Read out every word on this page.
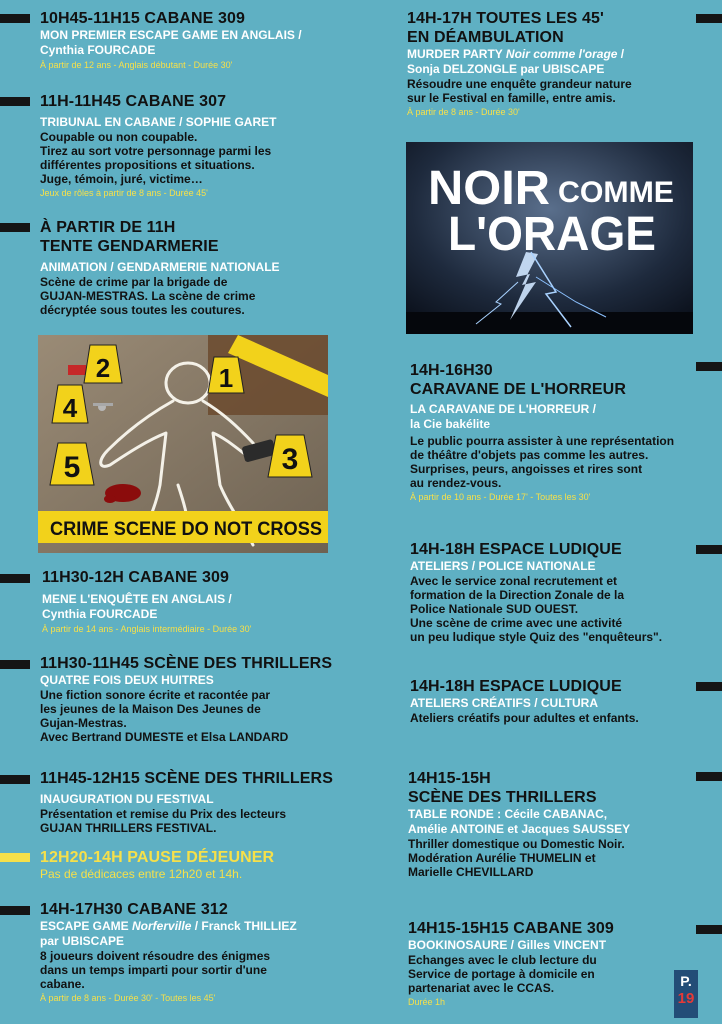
10H45-11H15 CABANE 309
MON PREMIER ESCAPE GAME EN ANGLAIS /
Cynthia FOURCADE
À partir de 12 ans - Anglais débutant - Durée 30'
11H-11H45 CABANE 307
TRIBUNAL EN CABANE / SOPHIE GARET
Coupable ou non coupable.
Tirez au sort votre personnage parmi les
différentes propositions et situations.
Juge, témoin, juré, victime…
Jeux de rôles à partir de 8 ans - Durée 45'
À PARTIR DE 11H
TENTE GENDARMERIE
ANIMATION / GENDARMERIE NATIONALE
Scène de crime par la brigade de
GUJAN-MESTRAS. La scène de crime
décryptée sous toutes les coutures.
2	1
4
5	3
CRIME SCENE DO NOT CROSS
11H30-12H CABANE 309
MENE L'ENQUÊTE EN ANGLAIS /
Cynthia FOURCADE
À partir de 14 ans - Anglais intermédiaire - Durée 30'
11H30-11H45 SCÈNE DES THRILLERS
QUATRE FOIS DEUX HUITRES
Une fiction sonore écrite et racontée par
les jeunes de la Maison Des Jeunes de
Gujan-Mestras.
Avec Bertrand DUMESTE et Elsa LANDARD
11H45-12H15 SCÈNE DES THRILLERS
INAUGURATION DU FESTIVAL
Présentation et remise du Prix des lecteurs
GUJAN THRILLERS FESTIVAL.
12H20-14H PAUSE DÉJEUNER
Pas de dédicaces entre 12h20 et 14h.
14H-17H30 CABANE 312
ESCAPE GAME Norferville / Franck THILLIEZ
par UBISCAPE
8 joueurs doivent résoudre des énigmes
dans un temps imparti pour sortir d'une
cabane.
À partir de 8 ans - Durée 30' - Toutes les 45'
14H-17H TOUTES LES 45'
EN DÉAMBULATION
MURDER PARTY Noir comme l'orage /
Sonja DELZONGLE par UBISCAPE
Résoudre une enquête grandeur nature
sur le Festival en famille, entre amis.
À partir de 8 ans - Durée 30'
NOIR COMME
L'ORAGE
14H-16H30
CARAVANE DE L'HORREUR
LA CARAVANE DE L'HORREUR /
la Cie bakélite
Le public pourra assister à une représentation
de théâtre d'objets pas comme les autres.
Surprises, peurs, angoisses et rires sont
au rendez-vous.
À partir de 10 ans - Durée 17' - Toutes les 30'
14H-18H ESPACE LUDIQUE
ATELIERS / POLICE NATIONALE
Avec le service zonal recrutement et
formation de la Direction Zonale de la
Police Nationale SUD OUEST.
Une scène de crime avec une activité
un peu ludique style Quiz des "enquêteurs".
14H-18H ESPACE LUDIQUE
ATELIERS CRÉATIFS / CULTURA
Ateliers créatifs pour adultes et enfants.
14H15-15H
SCÈNE DES THRILLERS
TABLE RONDE : Cécile CABANAC,
Amélie ANTOINE et Jacques SAUSSEY
Thriller domestique ou Domestic Noir.
Modération Aurélie THUMELIN et
Marielle CHEVILLARD
14H15-15H15 CABANE 309
BOOKINOSAURE / Gilles VINCENT
Echanges avec le club lecture du
Service de portage à domicile en
partenariat avec le CCAS.
Durée 1h
P.
19
